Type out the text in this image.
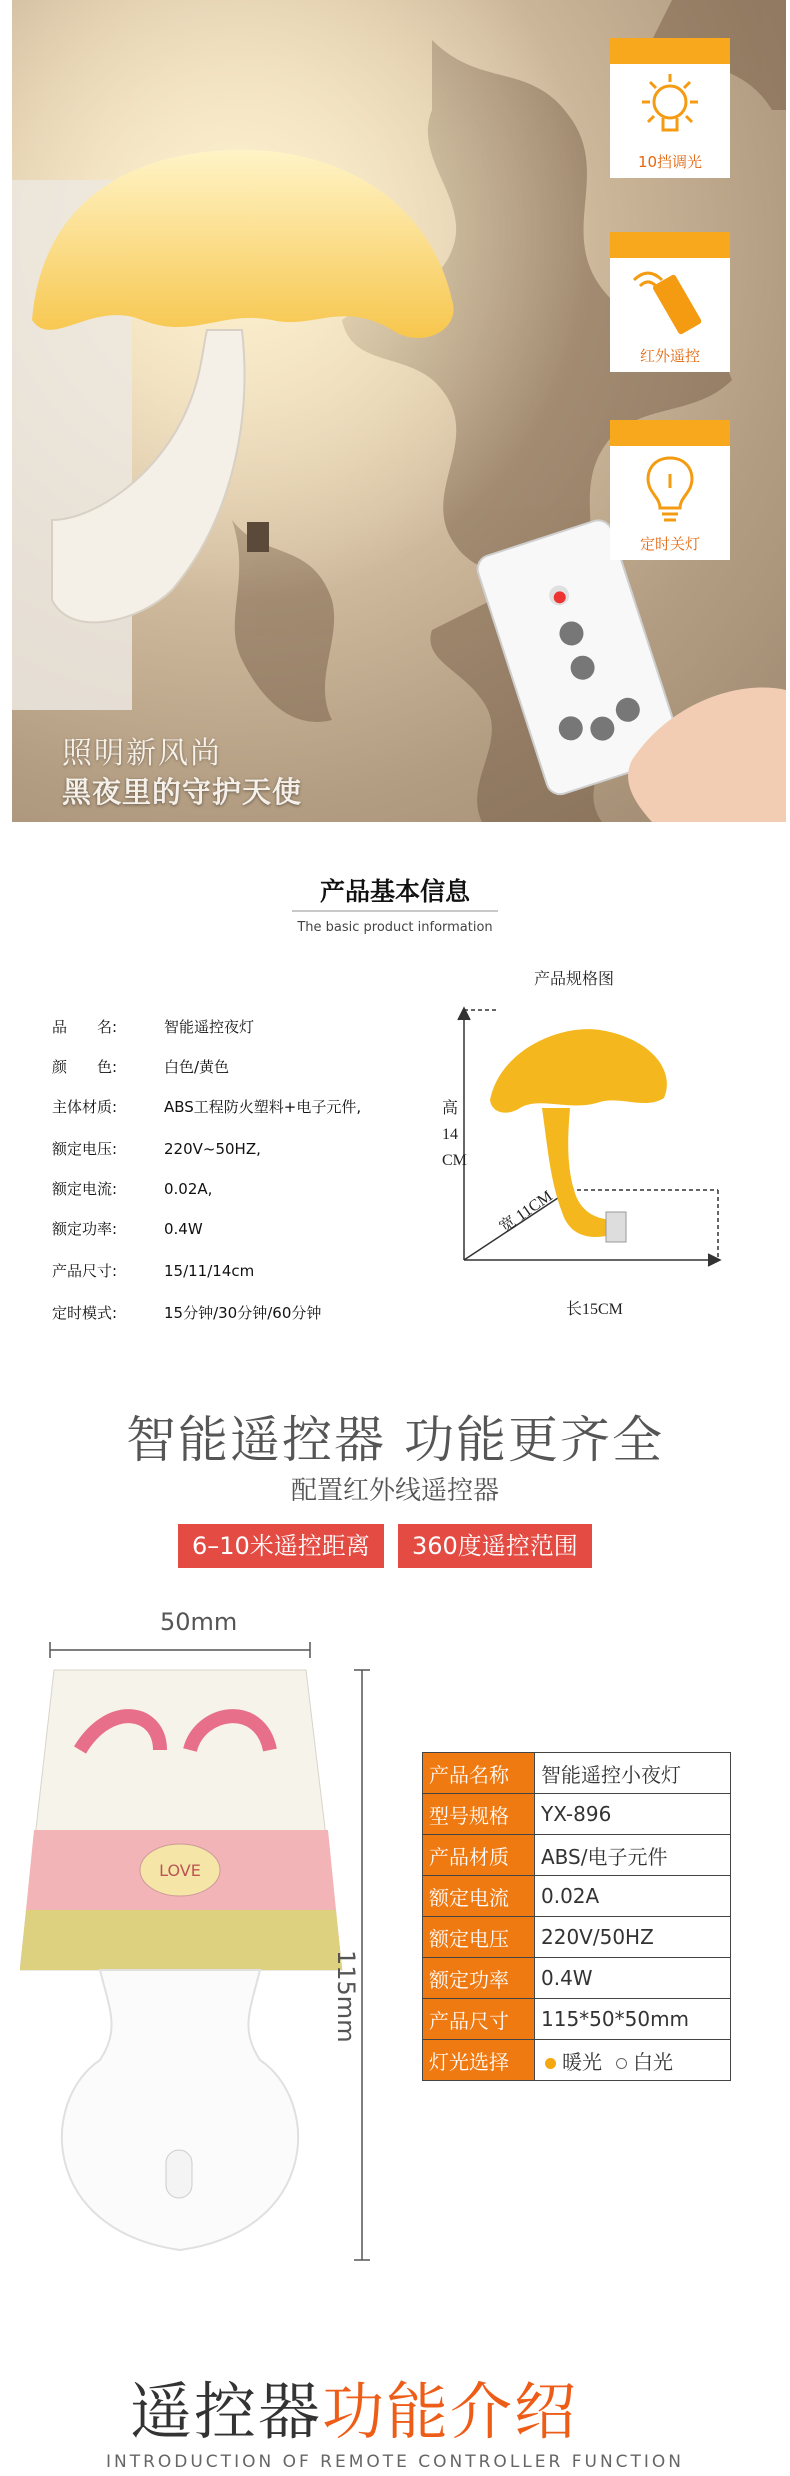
照明新风尚
黑夜里的守护天使
10挡调光
红外遥控
定时关灯
产品基本信息
The basic product information
品　　名:	智能遥控夜灯
颜　　色:	白色/黄色
主体材质:	ABS工程防火塑料+电子元件,
额定电压:	220V~50HZ,
额定电流:	0.02A,
额定功率:	0.4W
产品尺寸:	15/11/14cm
定时模式:	15分钟/30分钟/60分钟
产品规格图
高
14
CM
宽 11CM
长15CM
智能遥控器 功能更齐全
配置红外线遥控器
6–10米遥控距离	360度遥控范围
50mm
LOVE
115mm
产品名称	智能遥控小夜灯
型号规格	YX-896
产品材质	ABS/电子元件
额定电流	0.02A
额定电压	220V/50HZ
额定功率	0.4W
产品尺寸	115*50*50mm
灯光选择	暖光 白光
遥控器功能介绍
INTRODUCTION OF REMOTE CONTROLLER FUNCTION
